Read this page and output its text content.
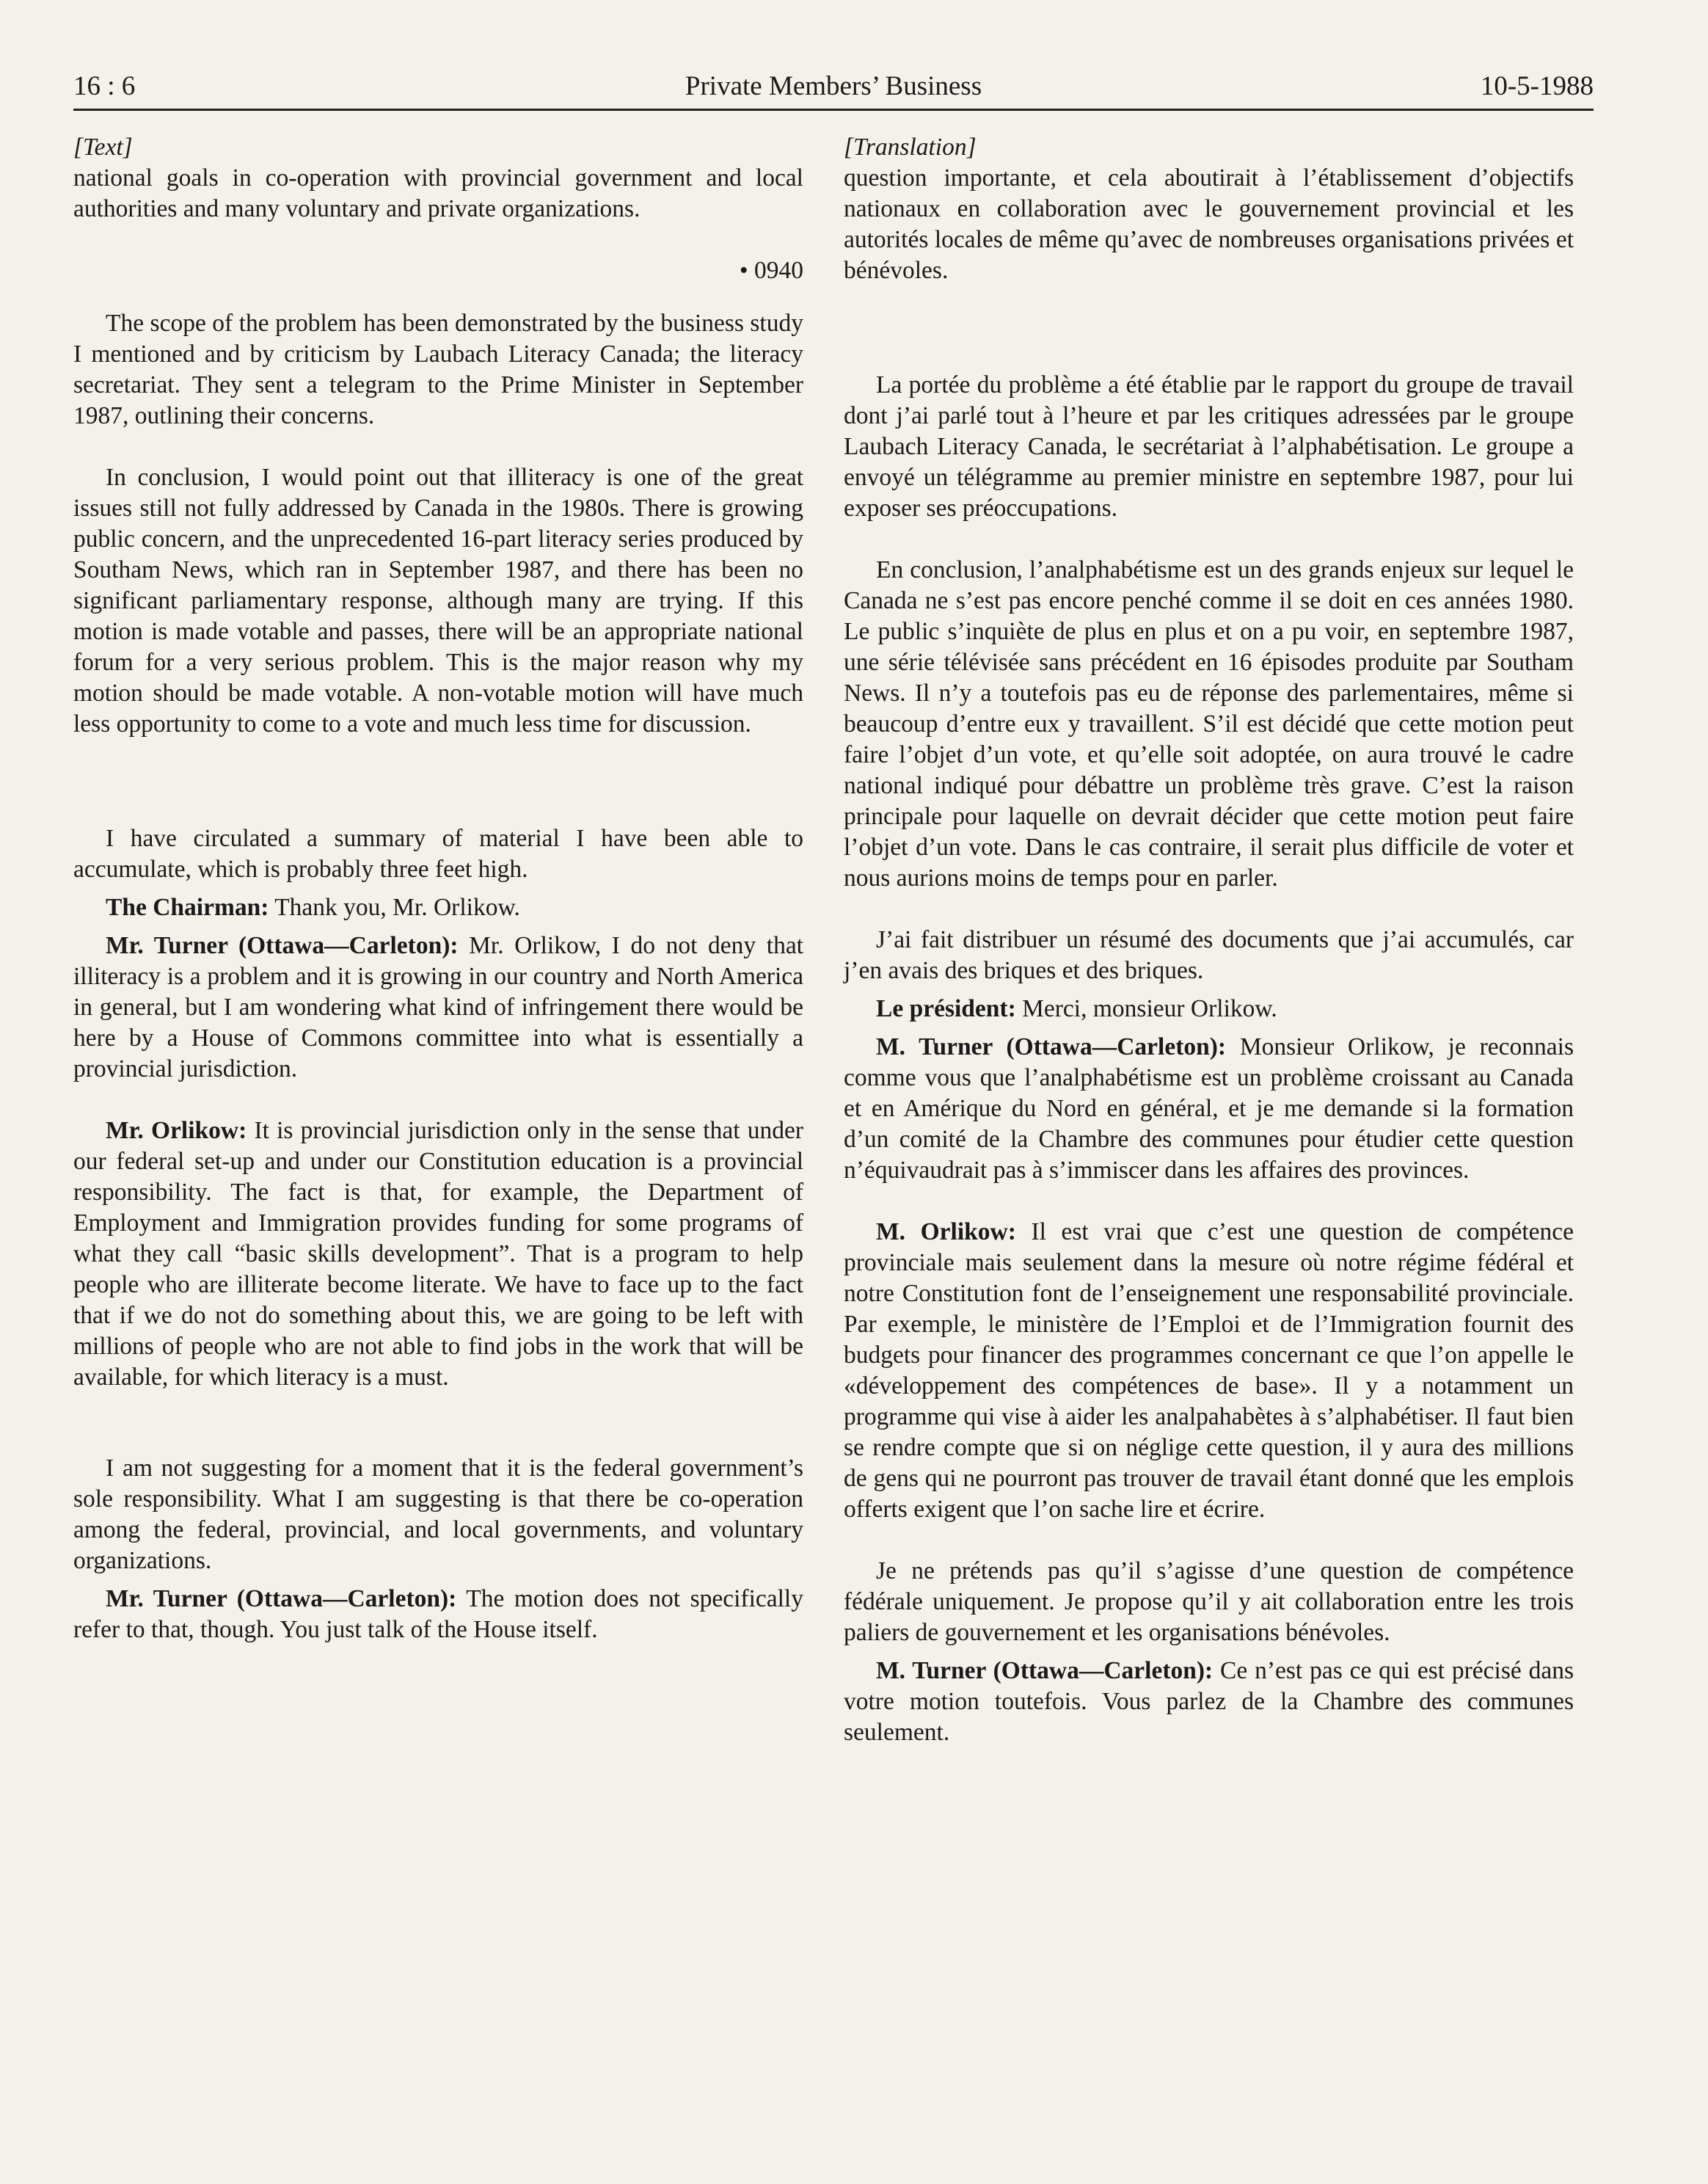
16 : 6	Private Members’ Business	10-5-1988

[Text]

national goals in co-operation with provincial government and local authorities and many voluntary and private organizations.

• 0940

The scope of the problem has been demonstrated by the business study I mentioned and by criticism by Laubach Literacy Canada; the literacy secretariat. They sent a telegram to the Prime Minister in September 1987, outlining their concerns.

In conclusion, I would point out that illiteracy is one of the great issues still not fully addressed by Canada in the 1980s. There is growing public concern, and the unprecedented 16-part literacy series produced by Southam News, which ran in September 1987, and there has been no significant parliamentary response, although many are trying. If this motion is made votable and passes, there will be an appropriate national forum for a very serious problem. This is the major reason why my motion should be made votable. A non-votable motion will have much less opportunity to come to a vote and much less time for discussion.

I have circulated a summary of material I have been able to accumulate, which is probably three feet high.

The Chairman: Thank you, Mr. Orlikow.

Mr. Turner (Ottawa—Carleton): Mr. Orlikow, I do not deny that illiteracy is a problem and it is growing in our country and North America in general, but I am wondering what kind of infringement there would be here by a House of Commons committee into what is essentially a provincial jurisdiction.

Mr. Orlikow: It is provincial jurisdiction only in the sense that under our federal set-up and under our Constitution education is a provincial responsibility. The fact is that, for example, the Department of Employment and Immigration provides funding for some programs of what they call “basic skills development”. That is a program to help people who are illiterate become literate. We have to face up to the fact that if we do not do something about this, we are going to be left with millions of people who are not able to find jobs in the work that will be available, for which literacy is a must.

I am not suggesting for a moment that it is the federal government’s sole responsibility. What I am suggesting is that there be co-operation among the federal, provincial, and local governments, and voluntary organizations.

Mr. Turner (Ottawa—Carleton): The motion does not specifically refer to that, though. You just talk of the House itself.

[Translation]

question importante, et cela aboutirait à l’établissement d’objectifs nationaux en collaboration avec le gouvernement provincial et les autorités locales de même qu’avec de nombreuses organisations privées et bénévoles.

La portée du problème a été établie par le rapport du groupe de travail dont j’ai parlé tout à l’heure et par les critiques adressées par le groupe Laubach Literacy Canada, le secrétariat à l’alphabétisation. Le groupe a envoyé un télégramme au premier ministre en septembre 1987, pour lui exposer ses préoccupations.

En conclusion, l’analphabétisme est un des grands enjeux sur lequel le Canada ne s’est pas encore penché comme il se doit en ces années 1980. Le public s’inquiète de plus en plus et on a pu voir, en septembre 1987, une série télévisée sans précédent en 16 épisodes produite par Southam News. Il n’y a toutefois pas eu de réponse des parlementaires, même si beaucoup d’entre eux y travaillent. S’il est décidé que cette motion peut faire l’objet d’un vote, et qu’elle soit adoptée, on aura trouvé le cadre national indiqué pour débattre un problème très grave. C’est la raison principale pour laquelle on devrait décider que cette motion peut faire l’objet d’un vote. Dans le cas contraire, il serait plus difficile de voter et nous aurions moins de temps pour en parler.

J’ai fait distribuer un résumé des documents que j’ai accumulés, car j’en avais des briques et des briques.

Le président: Merci, monsieur Orlikow.

M. Turner (Ottawa—Carleton): Monsieur Orlikow, je reconnais comme vous que l’analphabétisme est un problème croissant au Canada et en Amérique du Nord en général, et je me demande si la formation d’un comité de la Chambre des communes pour étudier cette question n’équivaudrait pas à s’immiscer dans les affaires des provinces.

M. Orlikow: Il est vrai que c’est une question de compétence provinciale mais seulement dans la mesure où notre régime fédéral et notre Constitution font de l’enseignement une responsabilité provinciale. Par exemple, le ministère de l’Emploi et de l’Immigration fournit des budgets pour financer des programmes concernant ce que l’on appelle le «développement des compétences de base». Il y a notamment un programme qui vise à aider les analpahabètes à s’alphabétiser. Il faut bien se rendre compte que si on néglige cette question, il y aura des millions de gens qui ne pourront pas trouver de travail étant donné que les emplois offerts exigent que l’on sache lire et écrire.

Je ne prétends pas qu’il s’agisse d’une question de compétence fédérale uniquement. Je propose qu’il y ait collaboration entre les trois paliers de gouvernement et les organisations bénévoles.

M. Turner (Ottawa—Carleton): Ce n’est pas ce qui est précisé dans votre motion toutefois. Vous parlez de la Chambre des communes seulement.
